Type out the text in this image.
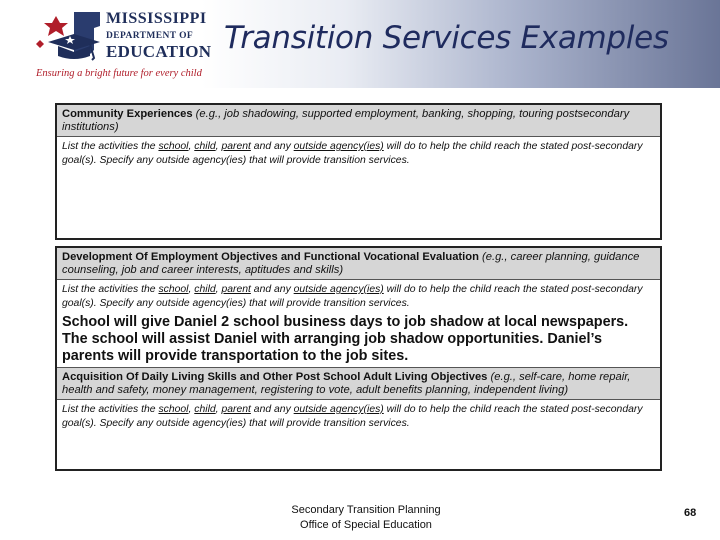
MISSISSIPPI
DEPARTMENT OF
EDUCATION
Ensuring a bright future for every child
Transition Services Examples
Community Experiences (e.g., job shadowing, supported employment, banking, shopping, touring postsecondary institutions)
List the activities the school, child, parent and any outside agency(ies) will do to help the child reach the stated post-secondary goal(s). Specify any outside agency(ies) that will provide transition services.
Development Of Employment Objectives and Functional Vocational Evaluation (e.g., career planning, guidance counseling, job and career interests, aptitudes and skills)
List the activities the school, child, parent and any outside agency(ies) will do to help the child reach the stated post-secondary goal(s). Specify any outside agency(ies) that will provide transition services.
School will give Daniel 2 school business days to job shadow at local newspapers. The school will assist Daniel with arranging job shadow opportunities. Daniel’s parents will provide transportation to the job sites.
Acquisition Of Daily Living Skills and Other Post School Adult Living Objectives (e.g., self-care, home repair, health and safety, money management, registering to vote, adult benefits planning, independent living)
List the activities the school, child, parent and any outside agency(ies) will do to help the child reach the stated post-secondary goal(s). Specify any outside agency(ies) that will provide transition services.
Secondary Transition Planning
Office of Special Education
68
